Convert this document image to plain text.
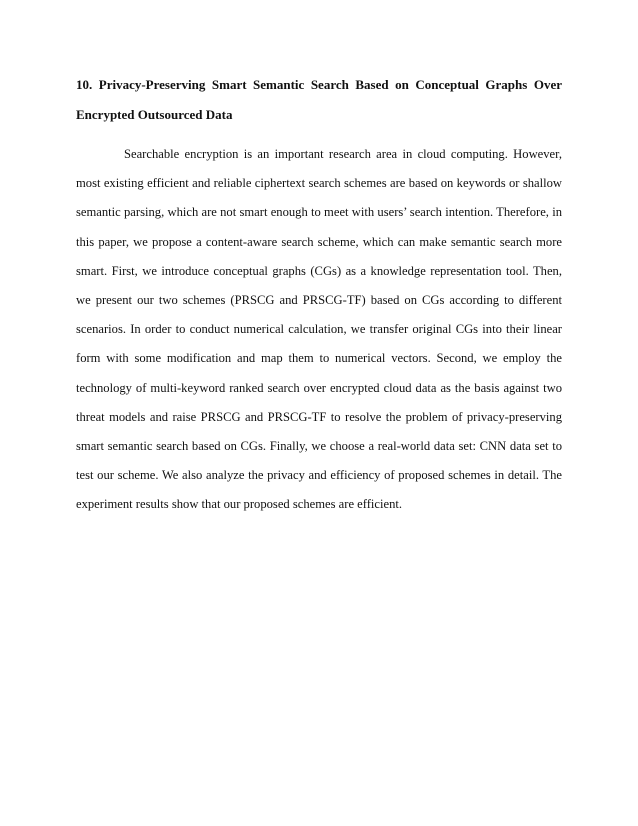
10. Privacy-Preserving Smart Semantic Search Based on Conceptual Graphs Over
Encrypted Outsourced Data

Searchable encryption is an important research area in cloud computing. However, most existing efficient and reliable ciphertext search schemes are based on keywords or shallow semantic parsing, which are not smart enough to meet with users’ search intention. Therefore, in this paper, we propose a content-aware search scheme, which can make semantic search more smart. First, we introduce conceptual graphs (CGs) as a knowledge representation tool. Then, we present our two schemes (PRSCG and PRSCG-TF) based on CGs according to different scenarios. In order to conduct numerical calculation, we transfer original CGs into their linear form with some modification and map them to numerical vectors. Second, we employ the technology of multi-keyword ranked search over encrypted cloud data as the basis against two threat models and raise PRSCG and PRSCG-TF to resolve the problem of privacy-preserving smart semantic search based on CGs. Finally, we choose a real-world data set: CNN data set to test our scheme. We also analyze the privacy and efficiency of proposed schemes in detail. The experiment results show that our proposed schemes are efficient.
